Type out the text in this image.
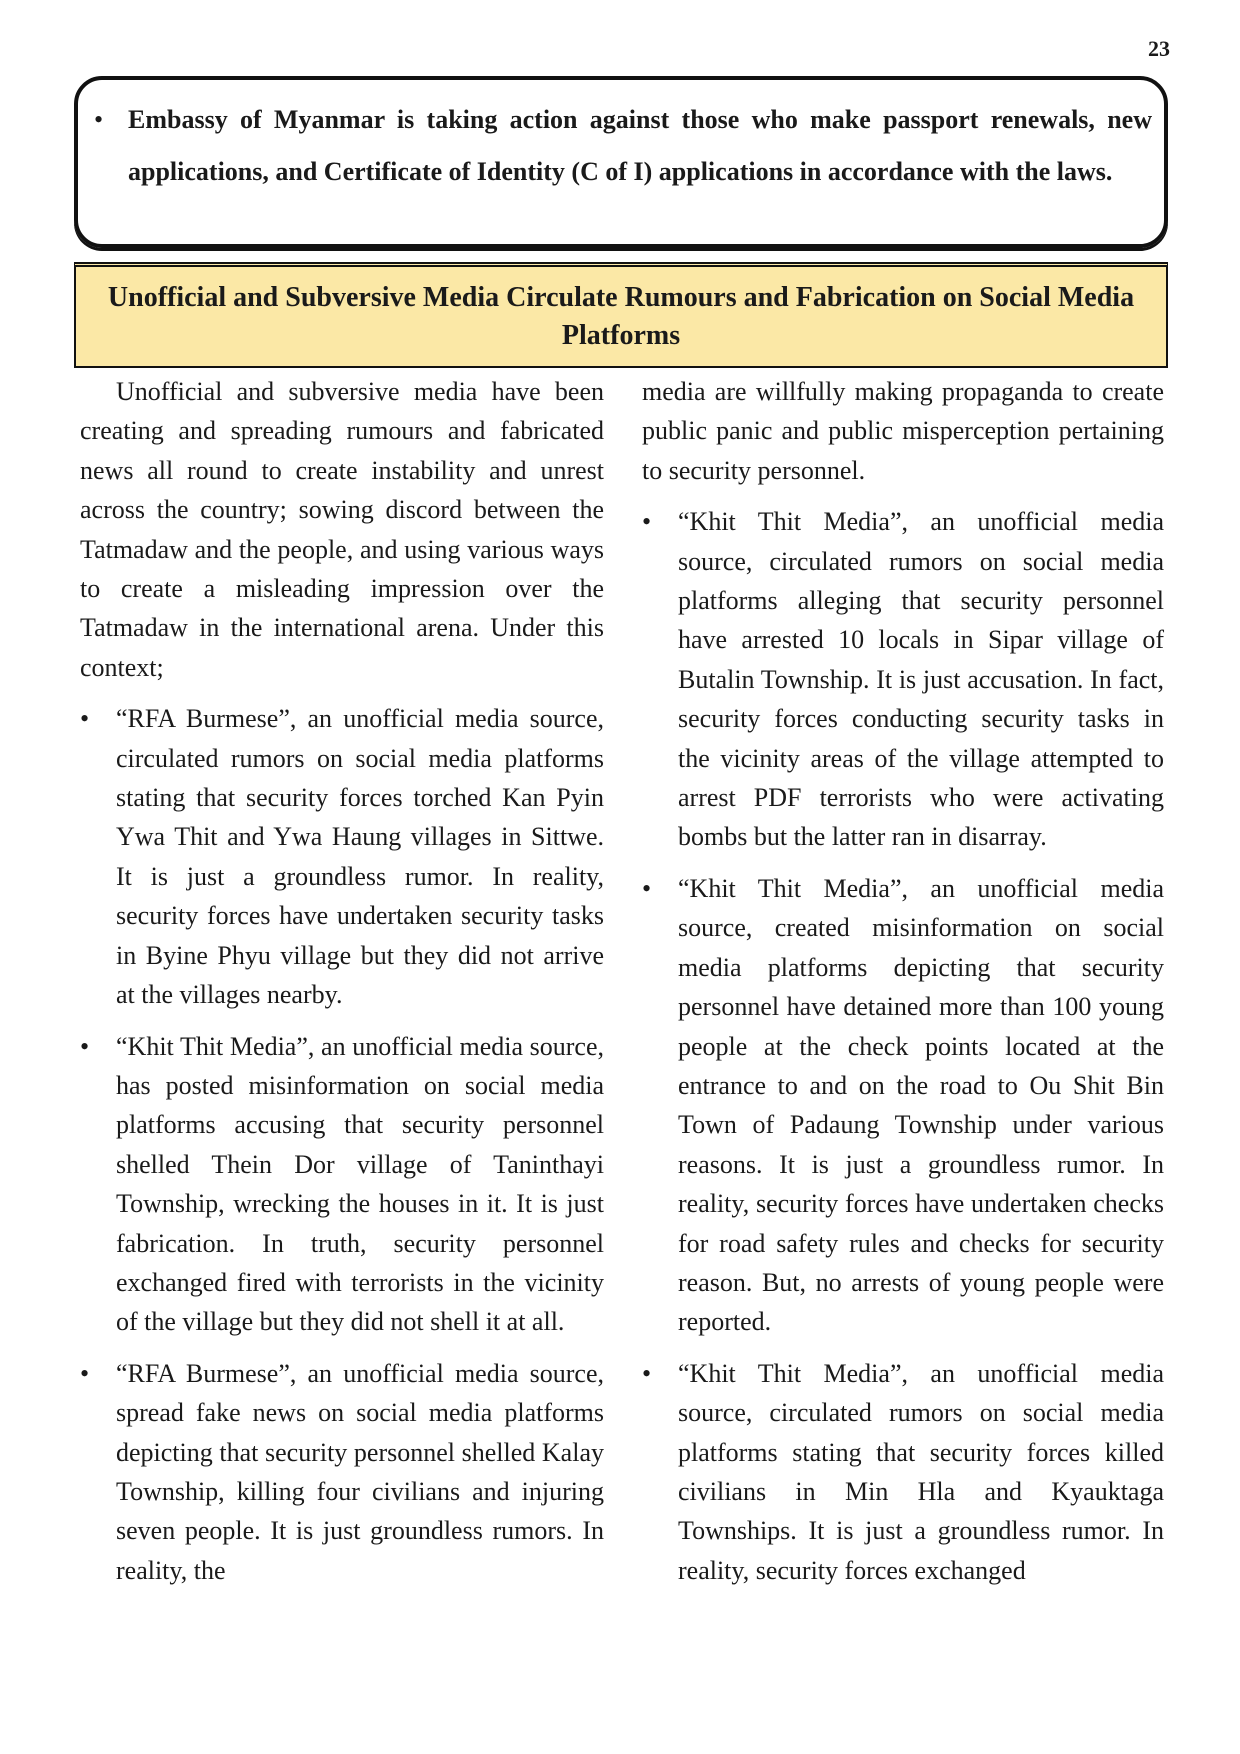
23
• Embassy of Myanmar is taking action against those who make passport renewals, new applications, and Certificate of Identity (C of I) applications in accordance with the laws.
Unofficial and Subversive Media Circulate Rumours and Fabrication on Social Media Platforms

Unofficial and subversive media have been creating and spreading rumours and fabricated news all round to create instability and unrest across the country; sowing discord between the Tatmadaw and the people, and using various ways to create a misleading impression over the Tatmadaw in the international arena. Under this context;

• “RFA Burmese”, an unofficial media source, circulated rumors on social media platforms stating that security forces torched Kan Pyin Ywa Thit and Ywa Haung villages in Sittwe. It is just a groundless rumor. In reality, security forces have undertaken security tasks in Byine Phyu village but they did not arrive at the villages nearby.
• “Khit Thit Media”, an unofficial media source, has posted misinformation on social media platforms accusing that security personnel shelled Thein Dor village of Taninthayi Township, wrecking the houses in it. It is just fabrication. In truth, security personnel exchanged fired with terrorists in the vicinity of the village but they did not shell it at all.
• “RFA Burmese”, an unofficial media source, spread fake news on social media platforms depicting that security personnel shelled Kalay Township, killing four civilians and injuring seven people. It is just groundless rumors. In reality, the

media are willfully making propaganda to create public panic and public misperception pertaining to security personnel.

• “Khit Thit Media”, an unofficial media source, circulated rumors on social media platforms alleging that security personnel have arrested 10 locals in Sipar village of Butalin Township. It is just accusation. In fact, security forces conducting security tasks in the vicinity areas of the village attempted to arrest PDF terrorists who were activating bombs but the latter ran in disarray.
• “Khit Thit Media”, an unofficial media source, created misinformation on social media platforms depicting that security personnel have detained more than 100 young people at the check points located at the entrance to and on the road to Ou Shit Bin Town of Padaung Township under various reasons. It is just a groundless rumor. In reality, security forces have undertaken checks for road safety rules and checks for security reason. But, no arrests of young people were reported.
• “Khit Thit Media”, an unofficial media source, circulated rumors on social media platforms stating that security forces killed civilians in Min Hla and Kyauktaga Townships. It is just a groundless rumor. In reality, security forces exchanged
